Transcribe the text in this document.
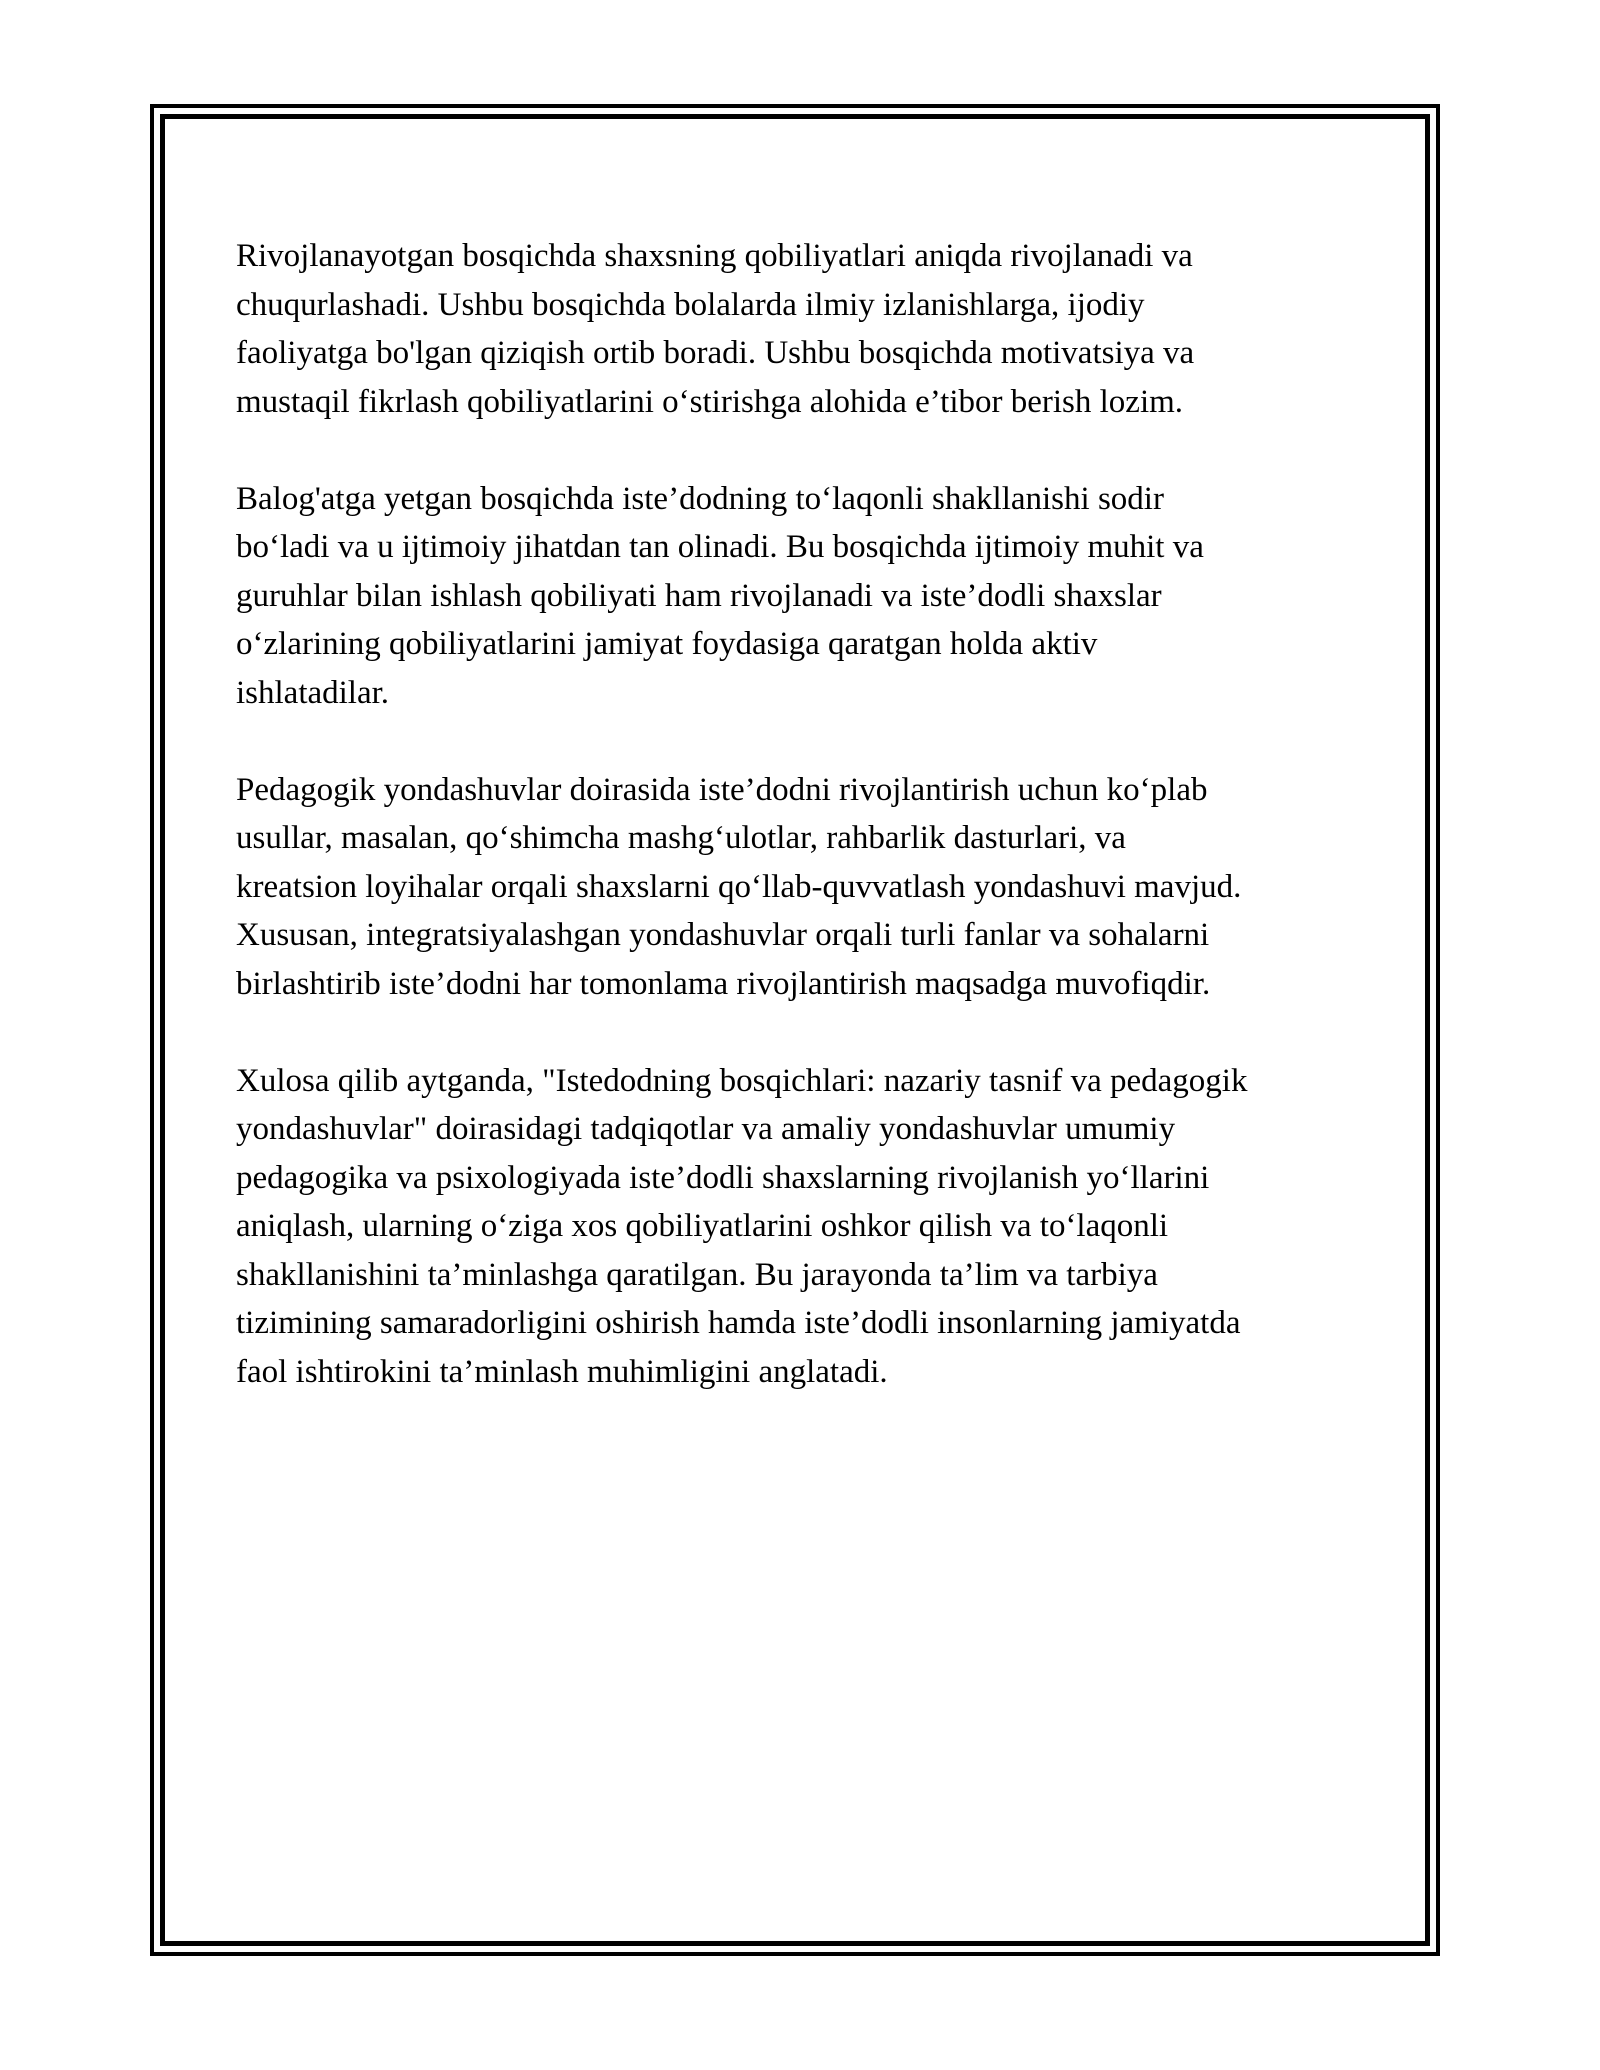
Rivojlanayotgan bosqichda shaxsning qobiliyatlari aniqda rivojlanadi va
chuqurlashadi. Ushbu bosqichda bolalarda ilmiy izlanishlarga, ijodiy
faoliyatga bo'lgan qiziqish ortib boradi. Ushbu bosqichda motivatsiya va
mustaqil fikrlash qobiliyatlarini o‘stirishga alohida e’tibor berish lozim.

Balog'atga yetgan bosqichda iste’dodning to‘laqonli shakllanishi sodir
bo‘ladi va u ijtimoiy jihatdan tan olinadi. Bu bosqichda ijtimoiy muhit va
guruhlar bilan ishlash qobiliyati ham rivojlanadi va iste’dodli shaxslar
o‘zlarining qobiliyatlarini jamiyat foydasiga qaratgan holda aktiv
ishlatadilar.

Pedagogik yondashuvlar doirasida iste’dodni rivojlantirish uchun ko‘plab
usullar, masalan, qo‘shimcha mashg‘ulotlar, rahbarlik dasturlari, va
kreatsion loyihalar orqali shaxslarni qo‘llab-quvvatlash yondashuvi mavjud.
Xususan, integratsiyalashgan yondashuvlar orqali turli fanlar va sohalarni
birlashtirib iste’dodni har tomonlama rivojlantirish maqsadga muvofiqdir.

Xulosa qilib aytganda, "Istedodning bosqichlari: nazariy tasnif va pedagogik
yondashuvlar" doirasidagi tadqiqotlar va amaliy yondashuvlar umumiy
pedagogika va psixologiyada iste’dodli shaxslarning rivojlanish yo‘llarini
aniqlash, ularning o‘ziga xos qobiliyatlarini oshkor qilish va to‘laqonli
shakllanishini ta’minlashga qaratilgan. Bu jarayonda ta’lim va tarbiya
tizimining samaradorligini oshirish hamda iste’dodli insonlarning jamiyatda
faol ishtirokini ta’minlash muhimligini anglatadi.
